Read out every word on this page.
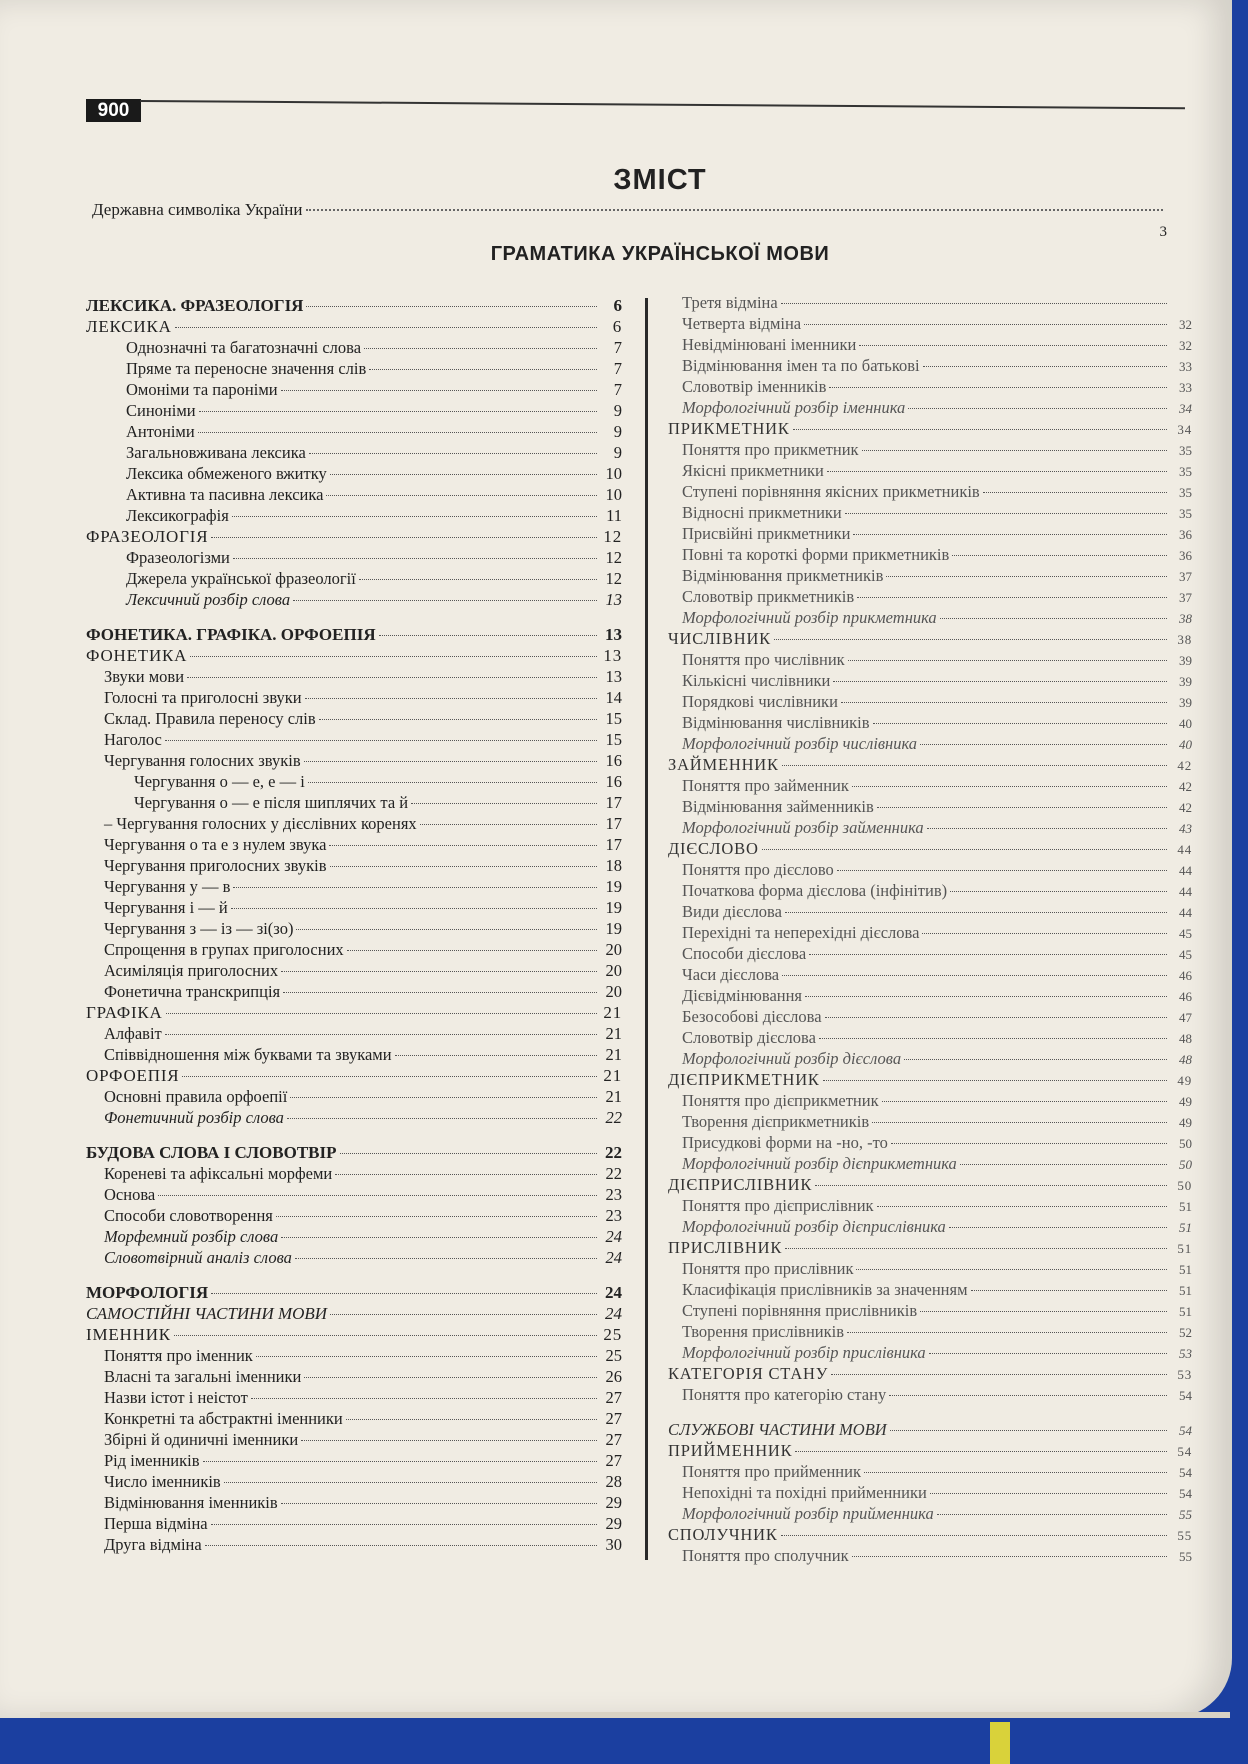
900
ЗМІСТ
Державна символіка України
3
ГРАМАТИКА УКРАЇНСЬКОЇ МОВИ
ЛЕКСИКА. ФРАЗЕОЛОГІЯ	6
ЛЕКСИКА	6
Однозначні та багатозначні слова	7
Пряме та переносне значення слів	7
Омоніми та пароніми	7
Синоніми	9
Антоніми	9
Загальновживана лексика	9
Лексика обмеженого вжитку	10
Активна та пасивна лексика	10
Лексикографія	11
ФРАЗЕОЛОГІЯ	12
Фразеологізми	12
Джерела української фразеології	12
Лексичний розбір слова	13
ФОНЕТИКА. ГРАФІКА. ОРФОЕПІЯ	13
ФОНЕТИКА	13
Звуки мови	13
Голосні та приголосні звуки	14
Склад. Правила переносу слів	15
Наголос	15
Чергування голосних звуків	16
Чергування о — е, е — і	16
Чергування о — е після шиплячих та й	17
– Чергування голосних у дієслівних коренях	17
Чергування о та е з нулем звука	17
Чергування приголосних звуків	18
Чергування у — в	19
Чергування і — й	19
Чергування з — із — зі(зо)	19
Спрощення в групах приголосних	20
Асиміляція приголосних	20
Фонетична транскрипція	20
ГРАФІКА	21
Алфавіт	21
Співвідношення між буквами та звуками	21
ОРФОЕПІЯ	21
Основні правила орфоепії	21
Фонетичний розбір слова	22
БУДОВА СЛОВА І СЛОВОТВІР	22
Кореневі та афіксальні морфеми	22
Основа	23
Способи словотворення	23
Морфемний розбір слова	24
Словотвірний аналіз слова	24
МОРФОЛОГІЯ	24
САМОСТІЙНІ ЧАСТИНИ МОВИ	24
ІМЕННИК	25
Поняття про іменник	25
Власні та загальні іменники	26
Назви істот і неістот	27
Конкретні та абстрактні іменники	27
Збірні й одиничні іменники	27
Рід іменників	27
Число іменників	28
Відмінювання іменників	29
Перша відміна	29
Друга відміна	30
Третя відміна
Четверта відміна	32
Невідмінювані іменники	32
Відмінювання імен та по батькові	33
Словотвір іменників	33
Морфологічний розбір іменника	34
ПРИКМЕТНИК	34
Поняття про прикметник	35
Якісні прикметники	35
Ступені порівняння якісних прикметників	35
Відносні прикметники	35
Присвійні прикметники	36
Повні та короткі форми прикметників	36
Відмінювання прикметників	37
Словотвір прикметників	37
Морфологічний розбір прикметника	38
ЧИСЛІВНИК	38
Поняття про числівник	39
Кількісні числівники	39
Порядкові числівники	39
Відмінювання числівників	40
Морфологічний розбір числівника	40
ЗАЙМЕННИК	42
Поняття про займенник	42
Відмінювання займенників	42
Морфологічний розбір займенника	43
ДІЄСЛОВО	44
Поняття про дієслово	44
Початкова форма дієслова (інфінітив)	44
Види дієслова	44
Перехідні та неперехідні дієслова	45
Способи дієслова	45
Часи дієслова	46
Дієвідмінювання	46
Безособові дієслова	47
Словотвір дієслова	48
Морфологічний розбір дієслова	48
ДІЄПРИКМЕТНИК	49
Поняття про дієприкметник	49
Творення дієприкметників	49
Присудкові форми на -но, -то	50
Морфологічний розбір дієприкметника	50
ДІЄПРИСЛІВНИК	50
Поняття про дієприслівник	51
Морфологічний розбір дієприслівника	51
ПРИСЛІВНИК	51
Поняття про прислівник	51
Класифікація прислівників за значенням	51
Ступені порівняння прислівників	51
Творення прислівників	52
Морфологічний розбір прислівника	53
КАТЕГОРІЯ СТАНУ	53
Поняття про категорію стану	54
СЛУЖБОВІ ЧАСТИНИ МОВИ	54
ПРИЙМЕННИК	54
Поняття про прийменник	54
Непохідні та похідні прийменники	54
Морфологічний розбір прийменника	55
СПОЛУЧНИК	55
Поняття про сполучник	55
